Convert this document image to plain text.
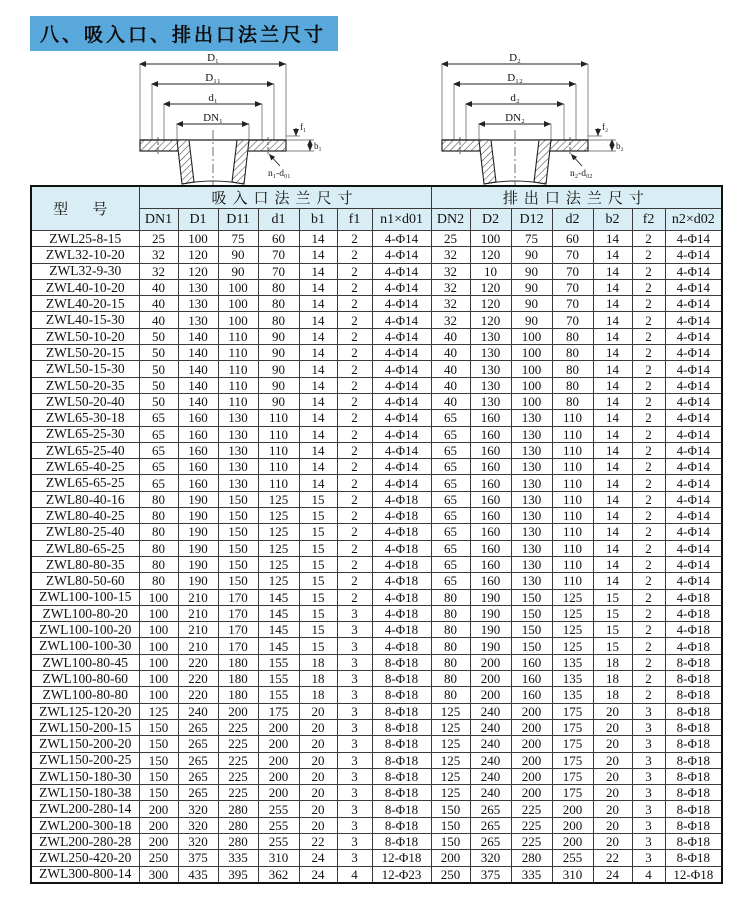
八、吸入口、排出口法兰尺寸
D₁
D₁₁
d₁
DN₁
f₁
b₁
n₁-d₀₁
D₂
D₁₂
d₂
DN₂
f₂
b₂
n₂-d₀₂
型 号	吸入口法兰尺寸							排出口法兰尺寸						
	DN1	D1	D11	d1	b1	f1	n1×d01	DN2	D2	D12	d2	b2	f2	n2×d02
ZWL25-8-15	25	100	75	60	14	2	4-Φ14	25	100	75	60	14	2	4-Φ14
ZWL32-10-20	32	120	90	70	14	2	4-Φ14	32	120	90	70	14	2	4-Φ14
ZWL32-9-30	32	120	90	70	14	2	4-Φ14	32	10	90	70	14	2	4-Φ14
ZWL40-10-20	40	130	100	80	14	2	4-Φ14	32	120	90	70	14	2	4-Φ14
ZWL40-20-15	40	130	100	80	14	2	4-Φ14	32	120	90	70	14	2	4-Φ14
ZWL40-15-30	40	130	100	80	14	2	4-Φ14	32	120	90	70	14	2	4-Φ14
ZWL50-10-20	50	140	110	90	14	2	4-Φ14	40	130	100	80	14	2	4-Φ14
ZWL50-20-15	50	140	110	90	14	2	4-Φ14	40	130	100	80	14	2	4-Φ14
ZWL50-15-30	50	140	110	90	14	2	4-Φ14	40	130	100	80	14	2	4-Φ14
ZWL50-20-35	50	140	110	90	14	2	4-Φ14	40	130	100	80	14	2	4-Φ14
ZWL50-20-40	50	140	110	90	14	2	4-Φ14	40	130	100	80	14	2	4-Φ14
ZWL65-30-18	65	160	130	110	14	2	4-Φ14	65	160	130	110	14	2	4-Φ14
ZWL65-25-30	65	160	130	110	14	2	4-Φ14	65	160	130	110	14	2	4-Φ14
ZWL65-25-40	65	160	130	110	14	2	4-Φ14	65	160	130	110	14	2	4-Φ14
ZWL65-40-25	65	160	130	110	14	2	4-Φ14	65	160	130	110	14	2	4-Φ14
ZWL65-65-25	65	160	130	110	14	2	4-Φ14	65	160	130	110	14	2	4-Φ14
ZWL80-40-16	80	190	150	125	15	2	4-Φ18	65	160	130	110	14	2	4-Φ14
ZWL80-40-25	80	190	150	125	15	2	4-Φ18	65	160	130	110	14	2	4-Φ14
ZWL80-25-40	80	190	150	125	15	2	4-Φ18	65	160	130	110	14	2	4-Φ14
ZWL80-65-25	80	190	150	125	15	2	4-Φ18	65	160	130	110	14	2	4-Φ14
ZWL80-80-35	80	190	150	125	15	2	4-Φ18	65	160	130	110	14	2	4-Φ14
ZWL80-50-60	80	190	150	125	15	2	4-Φ18	65	160	130	110	14	2	4-Φ14
ZWL100-100-15	100	210	170	145	15	2	4-Φ18	80	190	150	125	15	2	4-Φ18
ZWL100-80-20	100	210	170	145	15	3	4-Φ18	80	190	150	125	15	2	4-Φ18
ZWL100-100-20	100	210	170	145	15	3	4-Φ18	80	190	150	125	15	2	4-Φ18
ZWL100-100-30	100	210	170	145	15	3	4-Φ18	80	190	150	125	15	2	4-Φ18
ZWL100-80-45	100	220	180	155	18	3	8-Φ18	80	200	160	135	18	2	8-Φ18
ZWL100-80-60	100	220	180	155	18	3	8-Φ18	80	200	160	135	18	2	8-Φ18
ZWL100-80-80	100	220	180	155	18	3	8-Φ18	80	200	160	135	18	2	8-Φ18
ZWL125-120-20	125	240	200	175	20	3	8-Φ18	125	240	200	175	20	3	8-Φ18
ZWL150-200-15	150	265	225	200	20	3	8-Φ18	125	240	200	175	20	3	8-Φ18
ZWL150-200-20	150	265	225	200	20	3	8-Φ18	125	240	200	175	20	3	8-Φ18
ZWL150-200-25	150	265	225	200	20	3	8-Φ18	125	240	200	175	20	3	8-Φ18
ZWL150-180-30	150	265	225	200	20	3	8-Φ18	125	240	200	175	20	3	8-Φ18
ZWL150-180-38	150	265	225	200	20	3	8-Φ18	125	240	200	175	20	3	8-Φ18
ZWL200-280-14	200	320	280	255	20	3	8-Φ18	150	265	225	200	20	3	8-Φ18
ZWL200-300-18	200	320	280	255	20	3	8-Φ18	150	265	225	200	20	3	8-Φ18
ZWL200-280-28	200	320	280	255	22	3	8-Φ18	150	265	225	200	20	3	8-Φ18
ZWL250-420-20	250	375	335	310	24	3	12-Φ18	200	320	280	255	22	3	8-Φ18
ZWL300-800-14	300	435	395	362	24	4	12-Φ23	250	375	335	310	24	4	12-Φ18
